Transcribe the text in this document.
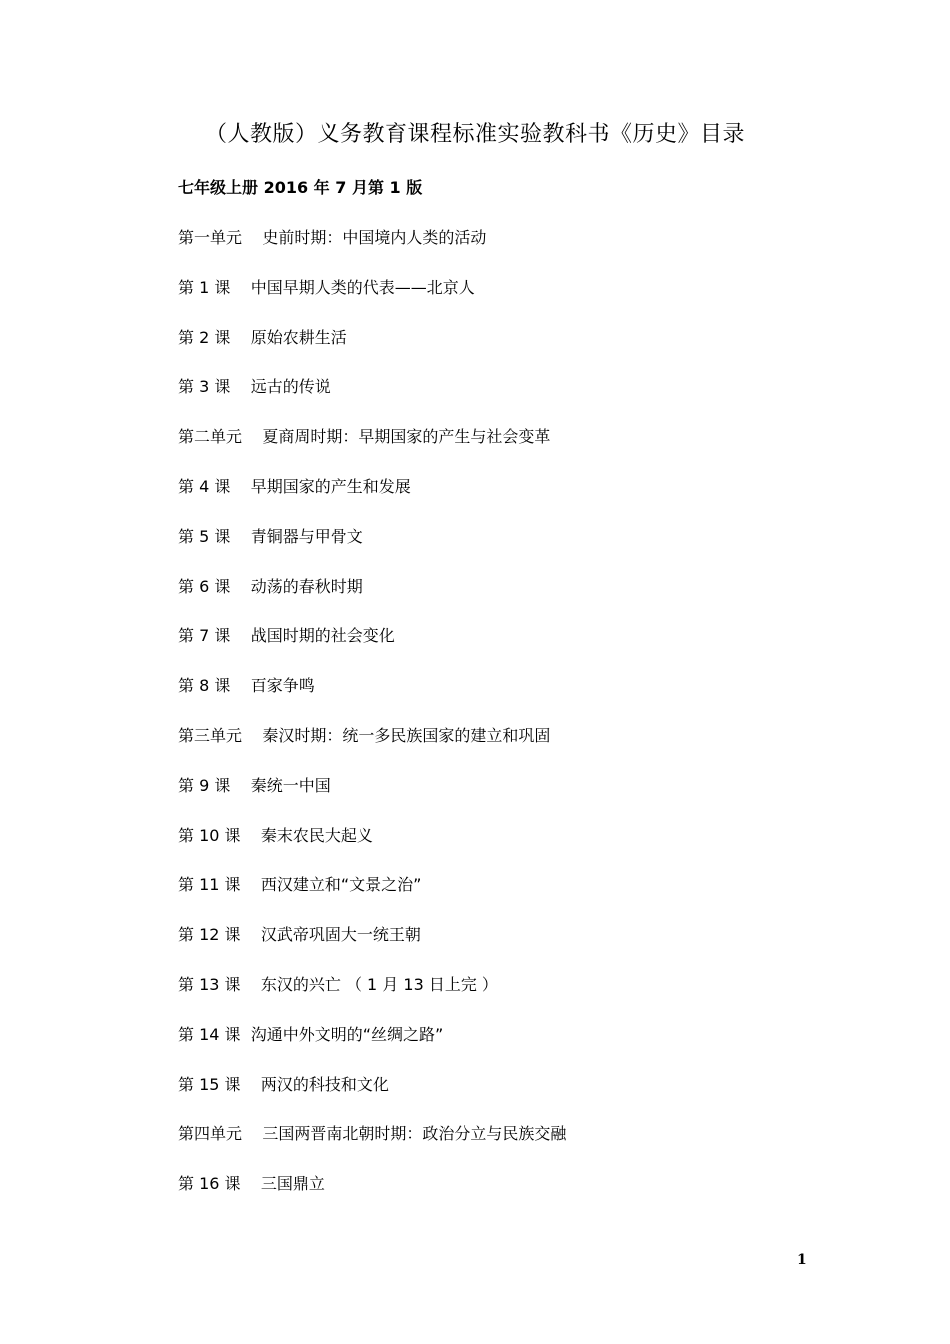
（人教版）义务教育课程标准实验教科书《历史》目录
七年级上册 2016 年 7 月第 1 版
第一单元    史前时期：中国境内人类的活动
第 1 课    中国早期人类的代表——北京人
第 2 课    原始农耕生活
第 3 课    远古的传说
第二单元    夏商周时期：早期国家的产生与社会变革
第 4 课    早期国家的产生和发展
第 5 课    青铜器与甲骨文
第 6 课    动荡的春秋时期
第 7 课    战国时期的社会变化
第 8 课    百家争鸣
第三单元    秦汉时期：统一多民族国家的建立和巩固
第 9 课    秦统一中国
第 10 课    秦末农民大起义
第 11 课    西汉建立和“文景之治”
第 12 课    汉武帝巩固大一统王朝
第 13 课    东汉的兴亡 （ 1 月 13 日上完 ）
第 14 课  沟通中外文明的“丝绸之路”
第 15 课    两汉的科技和文化
第四单元    三国两晋南北朝时期：政治分立与民族交融
第 16 课    三国鼎立
1
